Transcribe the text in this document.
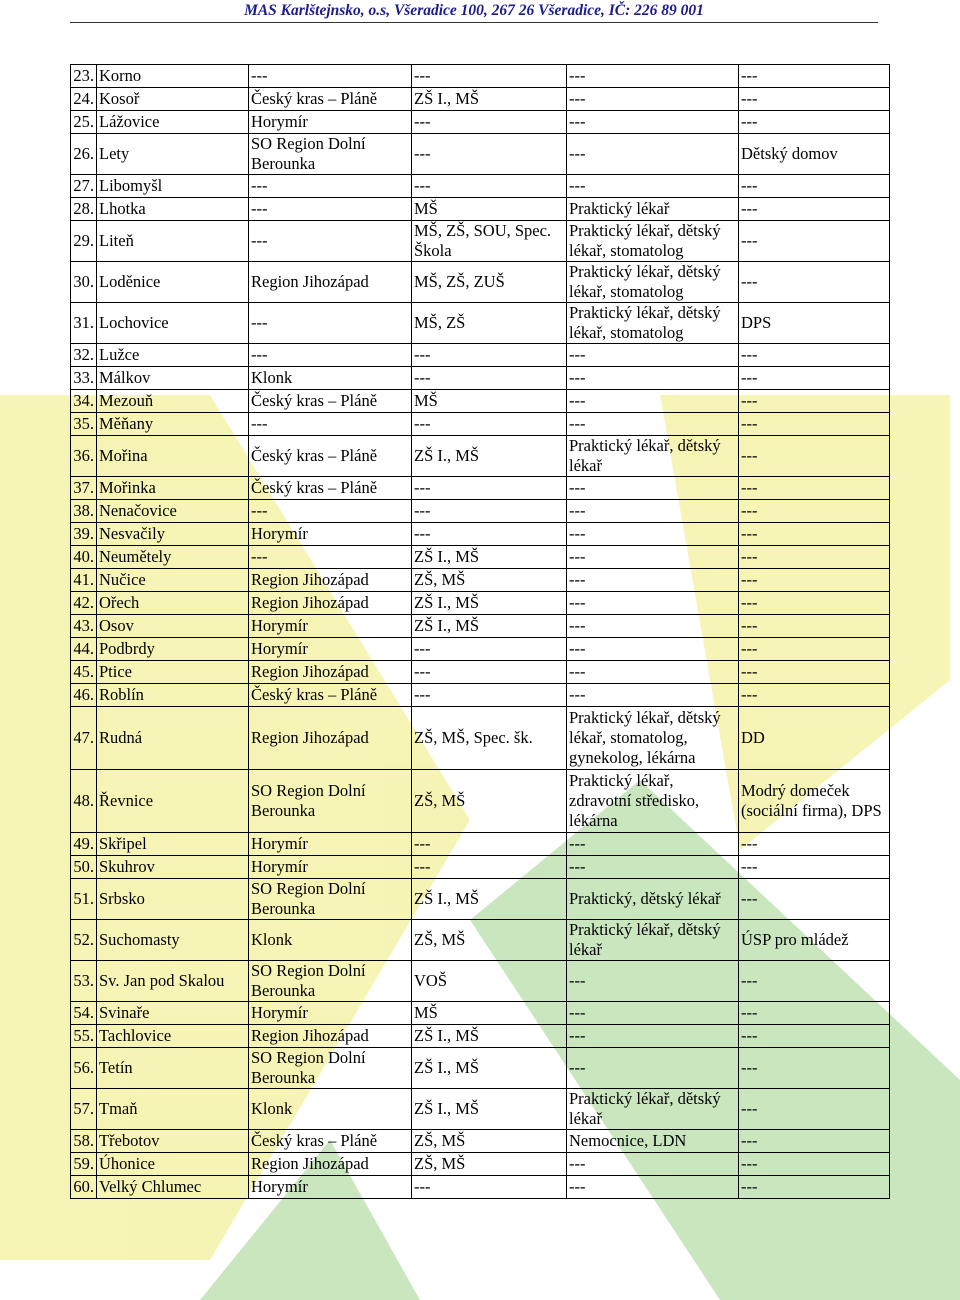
MAS Karlštejnsko, o.s, Všeradice 100, 267 26 Všeradice, IČ: 226 89 001
23.	Korno	---	---	---	---
24.	Kosoř	Český kras – Pláně	ZŠ I., MŠ	---	---
25.	Lážovice	Horymír	---	---	---
26.	Lety	SO Region Dolní Berounka	---	---	Dětský domov
27.	Libomyšl	---	---	---	---
28.	Lhotka	---	MŠ	Praktický lékař	---
29.	Liteň	---	MŠ, ZŠ, SOU, Spec. Škola	Praktický lékař, dětský lékař, stomatolog	---
30.	Loděnice	Region Jihozápad	MŠ, ZŠ, ZUŠ	Praktický lékař, dětský lékař, stomatolog	---
31.	Lochovice	---	MŠ, ZŠ	Praktický lékař, dětský lékař, stomatolog	DPS
32.	Lužce	---	---	---	---
33.	Málkov	Klonk	---	---	---
34.	Mezouň	Český kras – Pláně	MŠ	---	---
35.	Měňany	---	---	---	---
36.	Mořina	Český kras – Pláně	ZŠ I., MŠ	Praktický lékař, dětský lékař	---
37.	Mořinka	Český kras – Pláně	---	---	---
38.	Nenačovice	---	---	---	---
39.	Nesvačily	Horymír	---	---	---
40.	Neumětely	---	ZŠ I., MŠ	---	---
41.	Nučice	Region Jihozápad	ZŠ, MŠ	---	---
42.	Ořech	Region Jihozápad	ZŠ I., MŠ	---	---
43.	Osov	Horymír	ZŠ I., MŠ	---	---
44.	Podbrdy	Horymír	---	---	---
45.	Ptice	Region Jihozápad	---	---	---
46.	Roblín	Český kras – Pláně	---	---	---
47.	Rudná	Region Jihozápad	ZŠ, MŠ, Spec. šk.	Praktický lékař, dětský lékař, stomatolog, gynekolog, lékárna	DD
48.	Řevnice	SO Region Dolní Berounka	ZŠ, MŠ	Praktický lékař, zdravotní středisko, lékárna	Modrý domeček (sociální firma), DPS
49.	Skřipel	Horymír	---	---	---
50.	Skuhrov	Horymír	---	---	---
51.	Srbsko	SO Region Dolní Berounka	ZŠ I., MŠ	Praktický, dětský lékař	---
52.	Suchomasty	Klonk	ZŠ, MŠ	Praktický lékař, dětský lékař	ÚSP pro mládež
53.	Sv. Jan pod Skalou	SO Region Dolní Berounka	VOŠ	---	---
54.	Svinaře	Horymír	MŠ	---	---
55.	Tachlovice	Region Jihozápad	ZŠ I., MŠ	---	---
56.	Tetín	SO Region Dolní Berounka	ZŠ I., MŠ	---	---
57.	Tmaň	Klonk	ZŠ I., MŠ	Praktický lékař, dětský lékař	---
58.	Třebotov	Český kras – Pláně	ZŠ, MŠ	Nemocnice, LDN	---
59.	Úhonice	Region Jihozápad	ZŠ, MŠ	---	---
60.	Velký Chlumec	Horymír	---	---	---
